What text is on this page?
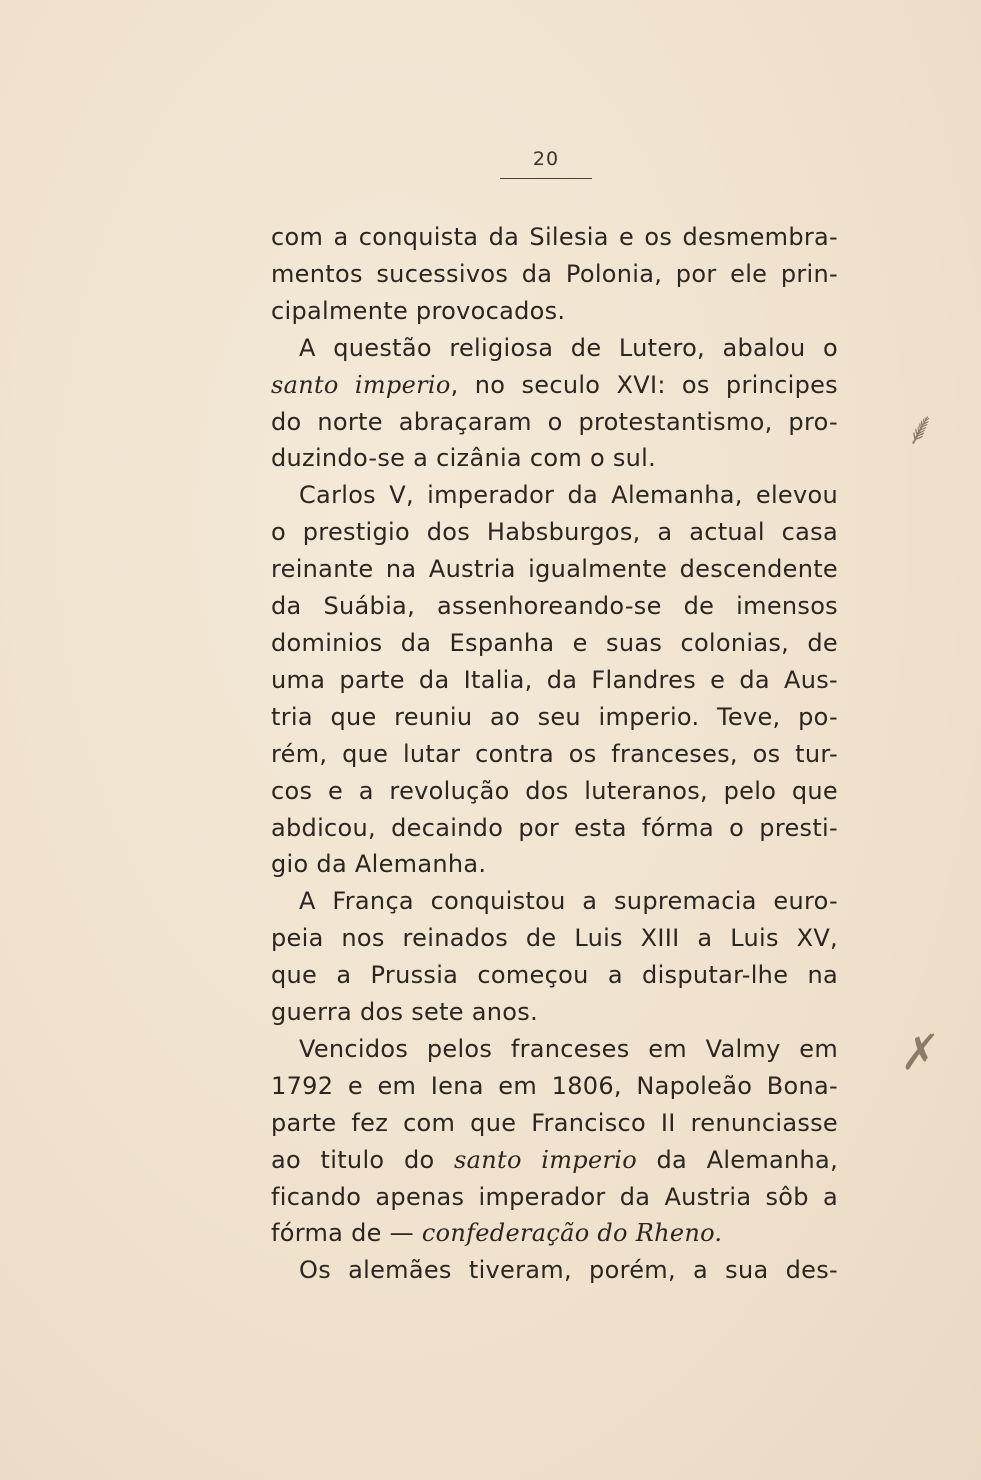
20
com a conquista da Silesia e os desmembra-
mentos sucessivos da Polonia, por ele prin-
cipalmente provocados.
A questão religiosa de Lutero, abalou o
santo imperio, no seculo XVI: os principes
do norte abraçaram o protestantismo, pro-
duzindo-se a cizânia com o sul.
Carlos V, imperador da Alemanha, elevou
o prestigio dos Habsburgos, a actual casa
reinante na Austria igualmente descendente
da Suábia, assenhoreando-se de imensos
dominios da Espanha e suas colonias, de
uma parte da Italia, da Flandres e da Aus-
tria que reuniu ao seu imperio. Teve, po-
rém, que lutar contra os franceses, os tur-
cos e a revolução dos luteranos, pelo que
abdicou, decaindo por esta fórma o presti-
gio da Alemanha.
A França conquistou a supremacia euro-
peia nos reinados de Luis XIII a Luis XV,
que a Prussia começou a disputar-lhe na
guerra dos sete anos.
Vencidos pelos franceses em Valmy em
1792 e em Iena em 1806, Napoleão Bona-
parte fez com que Francisco II renunciasse
ao titulo do santo imperio da Alemanha,
ficando apenas imperador da Austria sôb a
fórma de — confederação do Rheno.
Os alemães tiveram, porém, a sua des-
⸙
✗
